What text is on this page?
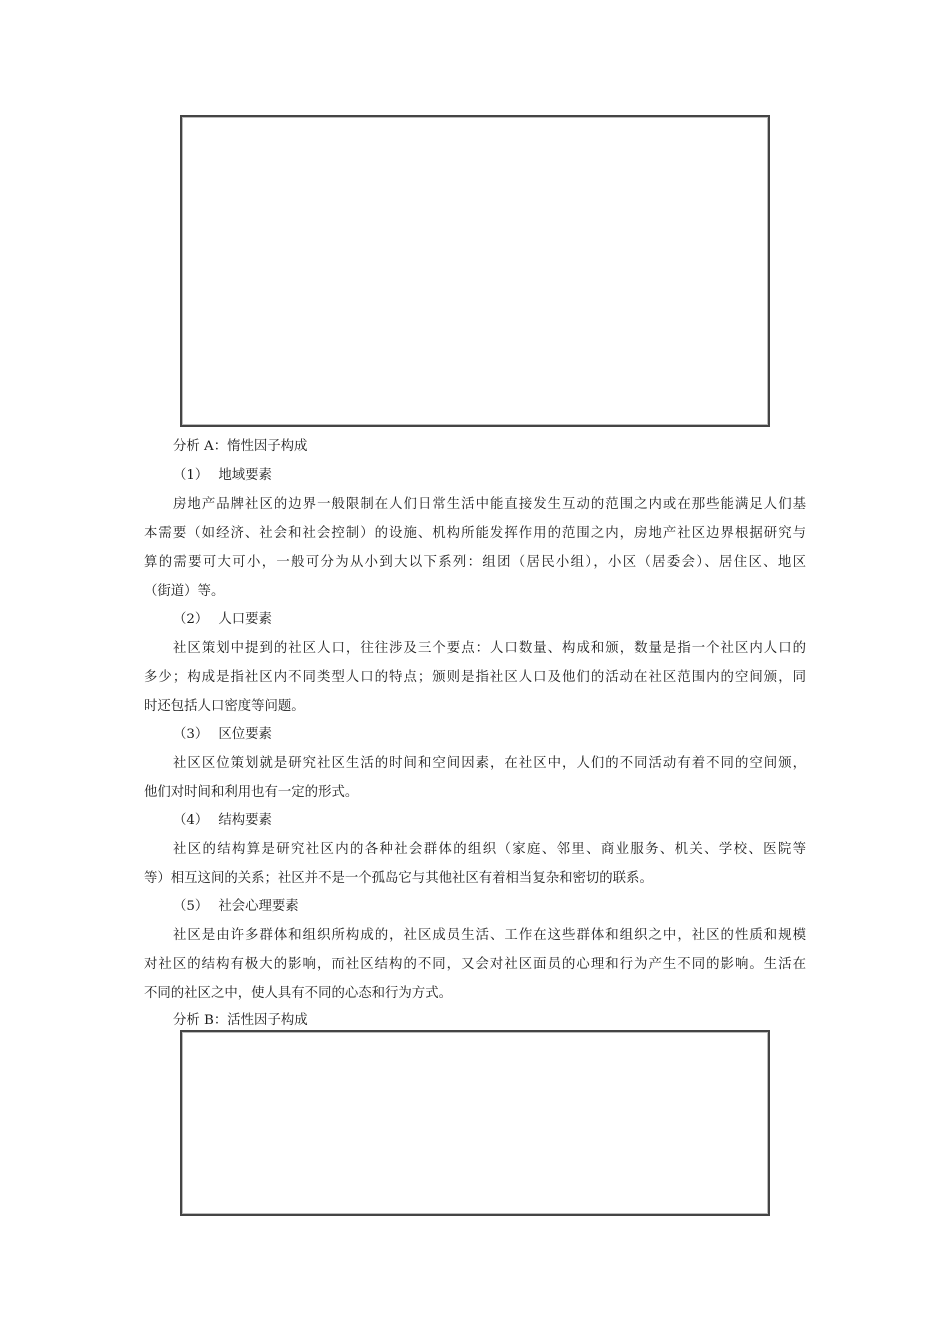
分析 A：惰性因子构成
（1） 地域要素
房地产品牌社区的边界一般限制在人们日常生活中能直接发生互动的范围之内或在那些能满足人们基
本需要（如经济、社会和社会控制）的设施、机构所能发挥作用的范围之内，房地产社区边界根据研究与
算的需要可大可小，一般可分为从小到大以下系列：组团（居民小组），小区（居委会）、居住区、地区
（街道）等。
（2） 人口要素
社区策划中提到的社区人口，往往涉及三个要点：人口数量、构成和颁，数量是指一个社区内人口的
多少；构成是指社区内不同类型人口的特点；颁则是指社区人口及他们的活动在社区范围内的空间颁，同
时还包括人口密度等问题。
（3） 区位要素
社区区位策划就是研究社区生活的时间和空间因素，在社区中，人们的不同活动有着不同的空间颁，
他们对时间和利用也有一定的形式。
（4） 结构要素
社区的结构算是研究社区内的各种社会群体的组织（家庭、邻里、商业服务、机关、学校、医院等
等）相互这间的关系；社区并不是一个孤岛它与其他社区有着相当复杂和密切的联系。
（5） 社会心理要素
社区是由许多群体和组织所构成的，社区成员生活、工作在这些群体和组织之中，社区的性质和规模
对社区的结构有极大的影响，而社区结构的不同，又会对社区面员的心理和行为产生不同的影响。生活在
不同的社区之中，使人具有不同的心态和行为方式。
分析 B：活性因子构成
